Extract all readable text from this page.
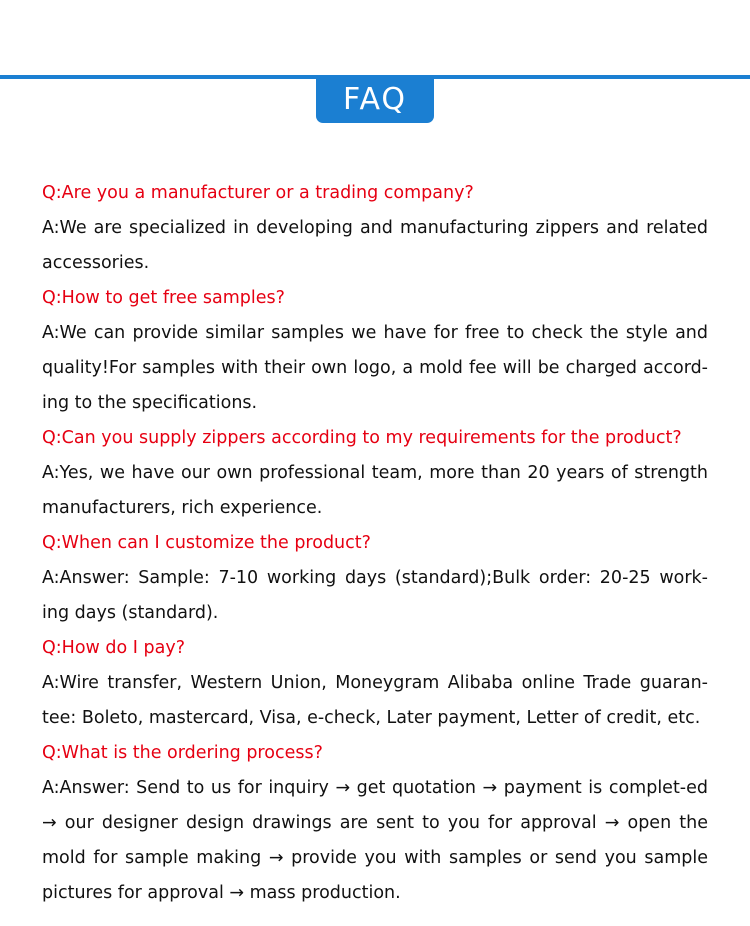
FAQ
Q:Are you a manufacturer or a trading company?
A:We are specialized in developing and manufacturing zippers and related accessories.
Q:How to get free samples?
A:We can provide similar samples we have for free to check the style and quality!For samples with their own logo, a mold fee will be charged accord-ing to the specifications.
Q:Can you supply zippers according to my requirements for the product?
A:Yes, we have our own professional team, more than 20 years of strength manufacturers, rich experience.
Q:When can I customize the product?
A:Answer: Sample: 7-10 working days (standard);Bulk order: 20-25 work-ing days (standard).
Q:How do I pay?
A:Wire transfer, Western Union, Moneygram Alibaba online Trade guaran-tee: Boleto, mastercard, Visa, e-check, Later payment, Letter of credit, etc.
Q:What is the ordering process?
A:Answer: Send to us for inquiry → get quotation → payment is complet-ed → our designer design drawings are sent to you for approval → open the mold for sample making → provide you with samples or send you sample pictures for approval → mass production.
